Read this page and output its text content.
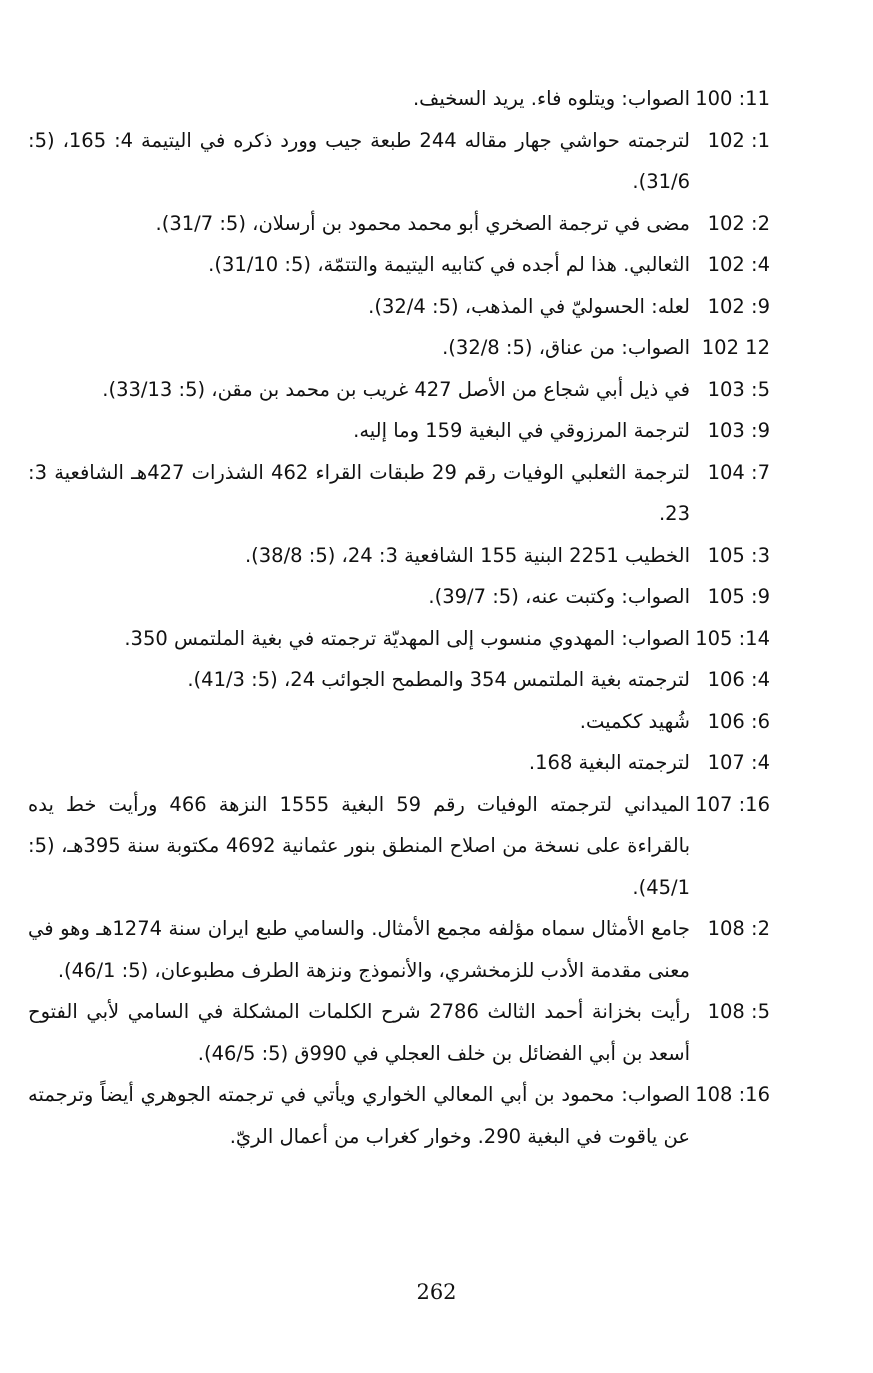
100 :11
الصواب: ويتلوه فاء. يريد السخيف.
102 :1
لترجمته حواشي جهار مقاله 244 طبعة جيب وورد ذكره في اليتيمة 4: 165، (5: 31/6).
102 :2
مضى في ترجمة الصخري أبو محمد محمود بن أرسلان، (5: 31/7).
102 :4
الثعالبي. هذا لم أجده في كتابيه اليتيمة والتتمّة، (5: 31/10).
102 :9
لعله: الحسوليّ في المذهب، (5: 32/4).
102 12
الصواب: من عناق، (5: 32/8).
103 :5
في ذيل أبي شجاع من الأصل 427 غريب بن محمد بن مقن، (5: 33/13).
103 :9
لترجمة المرزوقي في البغية 159 وما إليه.
104 :7
لترجمة الثعلبي الوفيات رقم 29 طبقات القراء 462 الشذرات 427هـ الشافعية 3: 23.
105 :3
الخطيب 2251 البنية 155 الشافعية 3: 24، (5: 38/8).
105 :9
الصواب: وكتبت عنه، (5: 39/7).
105 :14
الصواب: المهدوي منسوب إلى المهديّة ترجمته في بغية الملتمس 350.
106 :4
لترجمته بغية الملتمس 354 والمطمح الجوائب 24، (5: 41/3).
106 :6
شُهيد ككميت.
107 :4
لترجمته البغية 168.
107 :16
الميداني لترجمته الوفيات رقم 59 البغية 1555 النزهة 466 ورأيت خط يده بالقراءة على نسخة من اصلاح المنطق بنور عثمانية 4692 مكتوبة سنة 395هـ، (5: 45/1).
108 :2
جامع الأمثال سماه مؤلفه مجمع الأمثال. والسامي طبع ايران سنة 1274هـ وهو في معنى مقدمة الأدب للزمخشري، والأنموذج ونزهة الطرف مطبوعان، (5: 46/1).
108 :5
رأيت بخزانة أحمد الثالث 2786 شرح الكلمات المشكلة في السامي لأبي الفتوح أسعد بن أبي الفضائل بن خلف العجلي في 990ق (5: 46/5).
108 :16
الصواب: محمود بن أبي المعالي الخواري ويأتي في ترجمته الجوهري أيضاً وترجمته عن ياقوت في البغية 290. وخوار كغراب من أعمال الريّ.
262
